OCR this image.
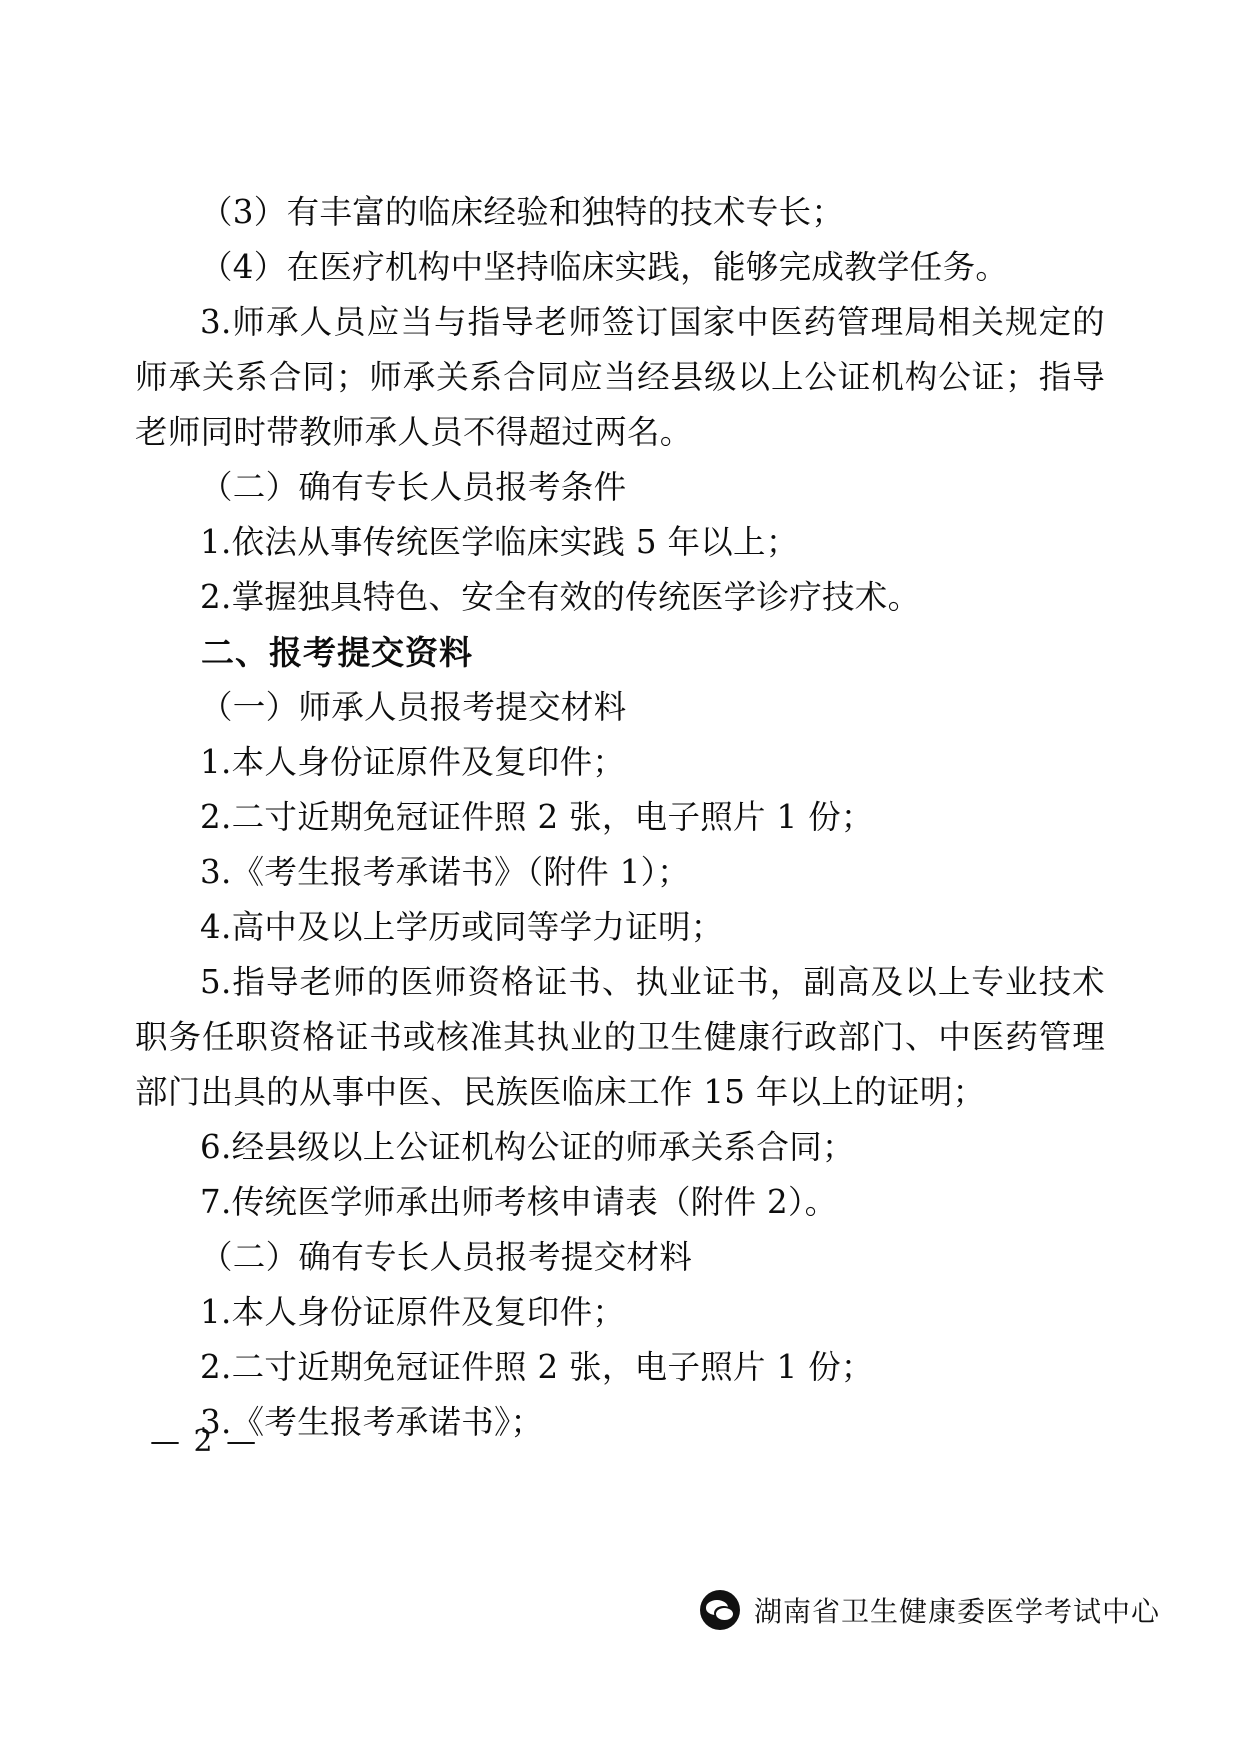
（3）有丰富的临床经验和独特的技术专长；

（4）在医疗机构中坚持临床实践，能够完成教学任务。

3.师承人员应当与指导老师签订国家中医药管理局相关规定的师承关系合同；师承关系合同应当经县级以上公证机构公证；指导老师同时带教师承人员不得超过两名。

（二）确有专长人员报考条件

1.依法从事传统医学临床实践 5 年以上；

2.掌握独具特色、安全有效的传统医学诊疗技术。

二、报考提交资料

（一）师承人员报考提交材料

1.本人身份证原件及复印件；

2.二寸近期免冠证件照 2 张，电子照片 1 份；

3.《考生报考承诺书》（附件 1）；

4.高中及以上学历或同等学力证明；

5.指导老师的医师资格证书、执业证书，副高及以上专业技术职务任职资格证书或核准其执业的卫生健康行政部门、中医药管理部门出具的从事中医、民族医临床工作 15 年以上的证明；

6.经县级以上公证机构公证的师承关系合同；

7.传统医学师承出师考核申请表（附件 2）。

（二）确有专长人员报考提交材料

1.本人身份证原件及复印件；

2.二寸近期免冠证件照 2 张，电子照片 1 份；

3.《考生报考承诺书》；

— 2 —
湖南省卫生健康委医学考试中心
